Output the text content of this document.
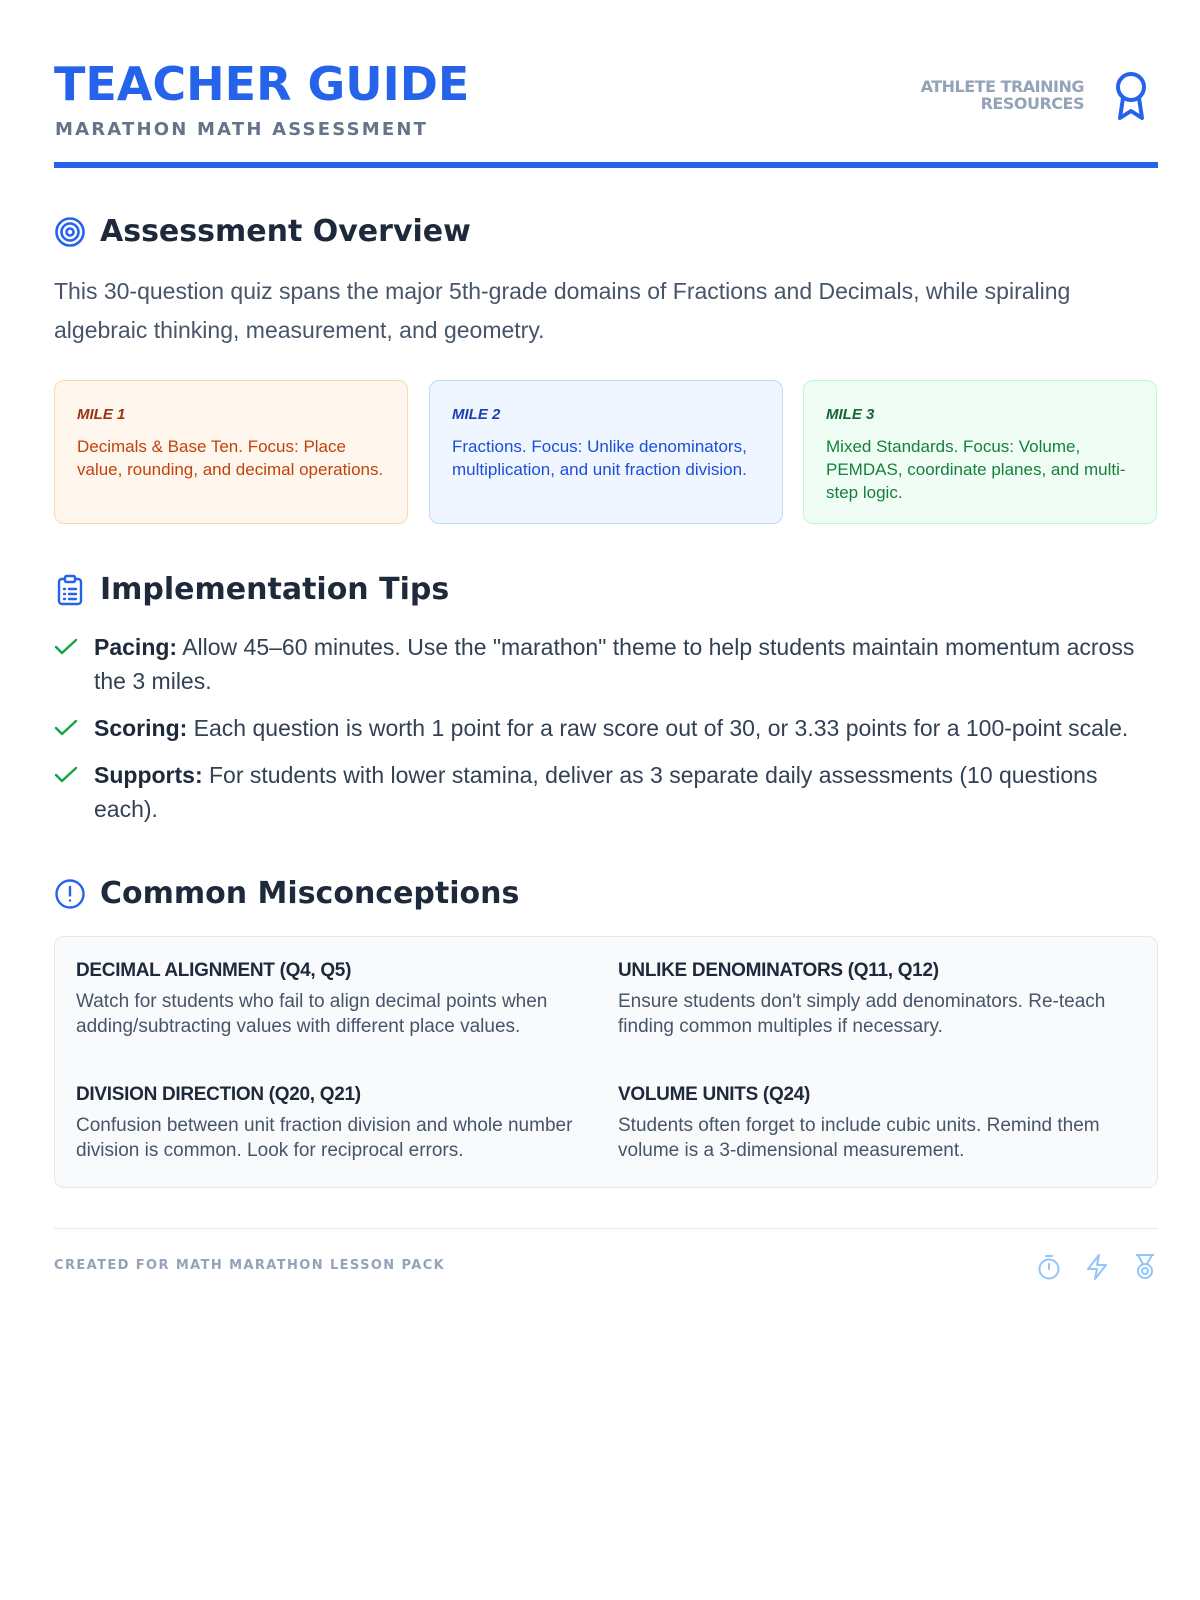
TEACHER GUIDE
MARATHON MATH ASSESSMENT
ATHLETE TRAINING
RESOURCES
Assessment Overview

This 30-question quiz spans the major 5th-grade domains of Fractions and Decimals, while spiraling algebraic thinking, measurement, and geometry.

MILE 1
Decimals & Base Ten. Focus: Place value, rounding, and decimal operations.
MILE 2
Fractions. Focus: Unlike denominators, multiplication, and unit fraction division.
MILE 3
Mixed Standards. Focus: Volume, PEMDAS, coordinate planes, and multi-step logic.
Implementation Tips
Pacing: Allow 45–60 minutes. Use the "marathon" theme to help students maintain momentum across the 3 miles.
Scoring: Each question is worth 1 point for a raw score out of 30, or 3.33 points for a 100-point scale.
Supports: For students with lower stamina, deliver as 3 separate daily assessments (10 questions each).
Common Misconceptions
DECIMAL ALIGNMENT (Q4, Q5)

Watch for students who fail to align decimal points when adding/subtracting values with different place values.

UNLIKE DENOMINATORS (Q11, Q12)

Ensure students don't simply add denominators. Re-teach finding common multiples if necessary.

DIVISION DIRECTION (Q20, Q21)

Confusion between unit fraction division and whole number division is common. Look for reciprocal errors.

VOLUME UNITS (Q24)

Students often forget to include cubic units. Remind them volume is a 3-dimensional measurement.

CREATED FOR MATH MARATHON LESSON PACK
